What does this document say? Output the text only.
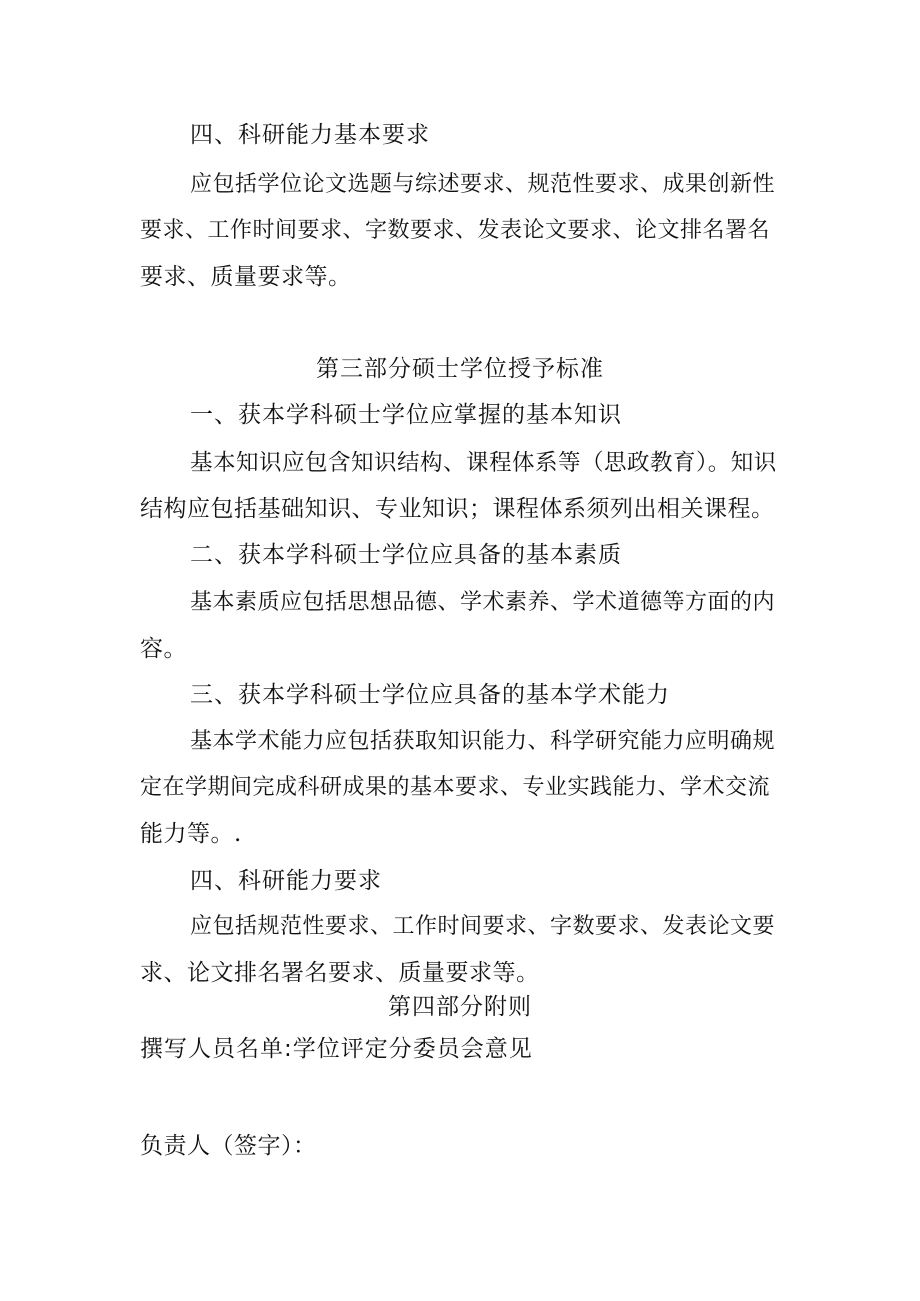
四、科研能力基本要求
应包括学位论文选题与综述要求、规范性要求、成果创新性
要求、工作时间要求、字数要求、发表论文要求、论文排名署名
要求、质量要求等。
第三部分硕士学位授予标准
一、获本学科硕士学位应掌握的基本知识
基本知识应包含知识结构、课程体系等（思政教育）。知识
结构应包括基础知识、专业知识；课程体系须列出相关课程。
二、获本学科硕士学位应具备的基本素质
基本素质应包括思想品德、学术素养、学术道德等方面的内
容。
三、获本学科硕士学位应具备的基本学术能力
基本学术能力应包括获取知识能力、科学研究能力应明确规
定在学期间完成科研成果的基本要求、专业实践能力、学术交流
能力等。.
四、科研能力要求
应包括规范性要求、工作时间要求、字数要求、发表论文要
求、论文排名署名要求、质量要求等。
第四部分附则
撰写人员名单:学位评定分委员会意见
负责人（签字）：
